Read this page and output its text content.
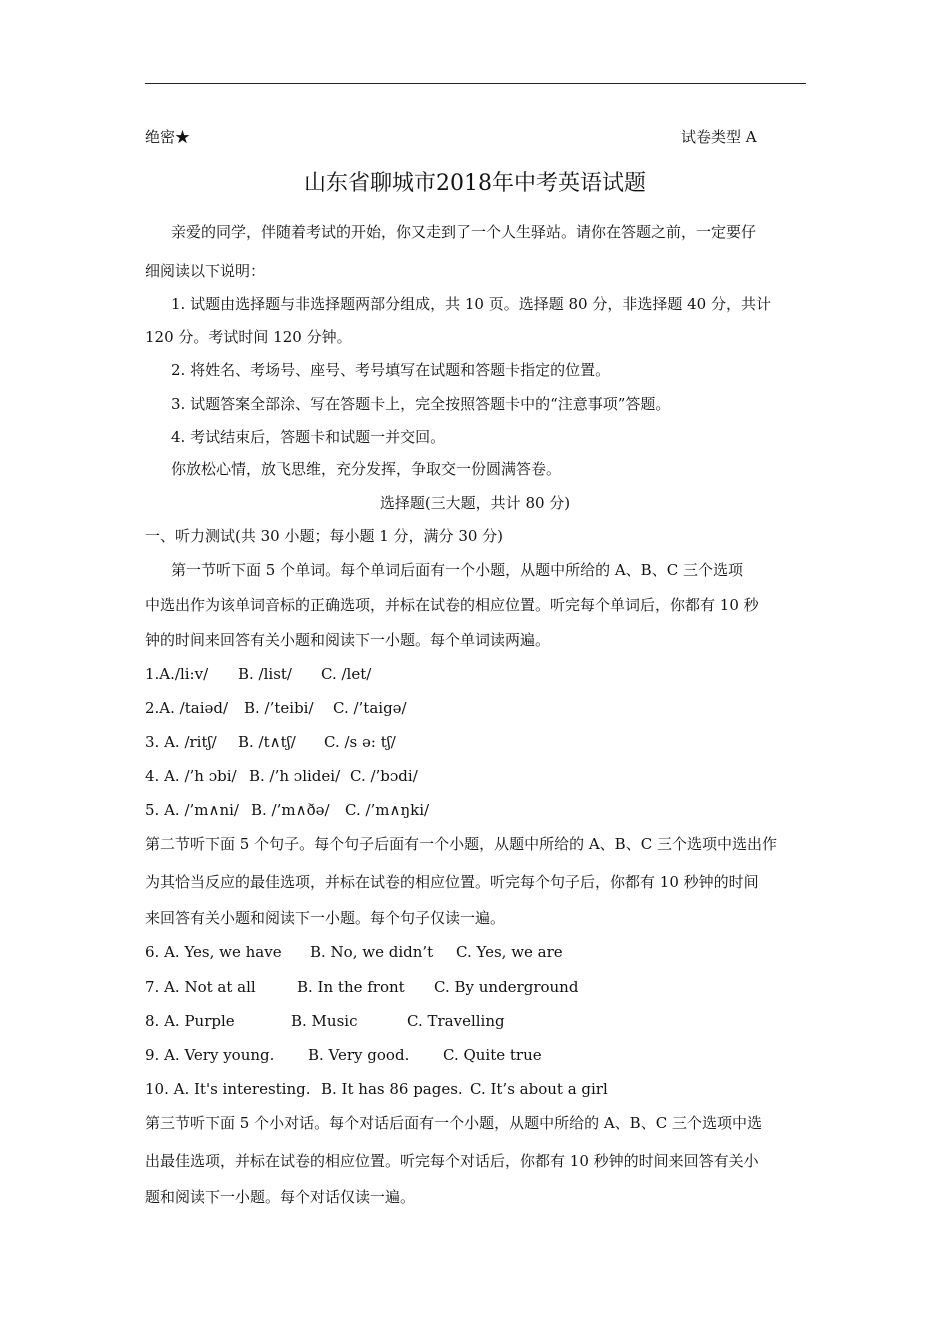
绝密★	试卷类型 A
山东省聊城市2018年中考英语试题
亲爱的同学，伴随着考试的开始，你又走到了一个人生驿站。请你在答题之前，一定要仔
细阅读以下说明：
1. 试题由选择题与非选择题两部分组成，共 10 页。选择题 80 分，非选择题 40 分，共计
120 分。考试时间 120 分钟。
2. 将姓名、考场号、座号、考号填写在试题和答题卡指定的位置。
3. 试题答案全部涂、写在答题卡上，完全按照答题卡中的“注意事项”答题。
4. 考试结束后，答题卡和试题一并交回。
你放松心情，放飞思维，充分发挥，争取交一份圆满答卷。
选择题(三大题，共计 80 分)
一、听力测试(共 30 小题；每小题 1 分，满分 30 分)
第一节听下面 5 个单词。每个单词后面有一个小题，从题中所给的 A、B、C 三个选项
中选出作为该单词音标的正确选项，并标在试卷的相应位置。听完每个单词后，你都有 10 秒
钟的时间来回答有关小题和阅读下一小题。每个单词读两遍。
1.A./li:v/ B. /list/ C. /let/
2.A. /taiəd/ B. /’teibi/ C. /’taigə/
3. A. /ritʃ/ B. /t∧tʃ/ C. /s ə: tʃ/
4. A. /’h ɔbi/ B. /’h ɔlidei/ C. /’bɔdi/
5. A. /’m∧ni/ B. /’m∧ðə/ C. /’m∧ŋki/
第二节听下面 5 个句子。每个句子后面有一个小题，从题中所给的 A、B、C 三个选项中选出作
为其恰当反应的最佳选项，并标在试卷的相应位置。听完每个句子后，你都有 10 秒钟的时间
来回答有关小题和阅读下一小题。每个句子仅读一遍。
6. A. Yes, we have B. No, we didn’t C. Yes, we are
7. A. Not at all	B. In the front C. By underground
8. A. Purple	B. Music	C. Travelling
9. A. Very young. B. Very good. C. Quite true
10. A. It's interesting. B. It has 86 pages. C. It’s about a girl
第三节听下面 5 个小对话。每个对话后面有一个小题，从题中所给的 A、B、C 三个选项中选
出最佳选项，并标在试卷的相应位置。听完每个对话后，你都有 10 秒钟的时间来回答有关小
题和阅读下一小题。每个对话仅读一遍。
